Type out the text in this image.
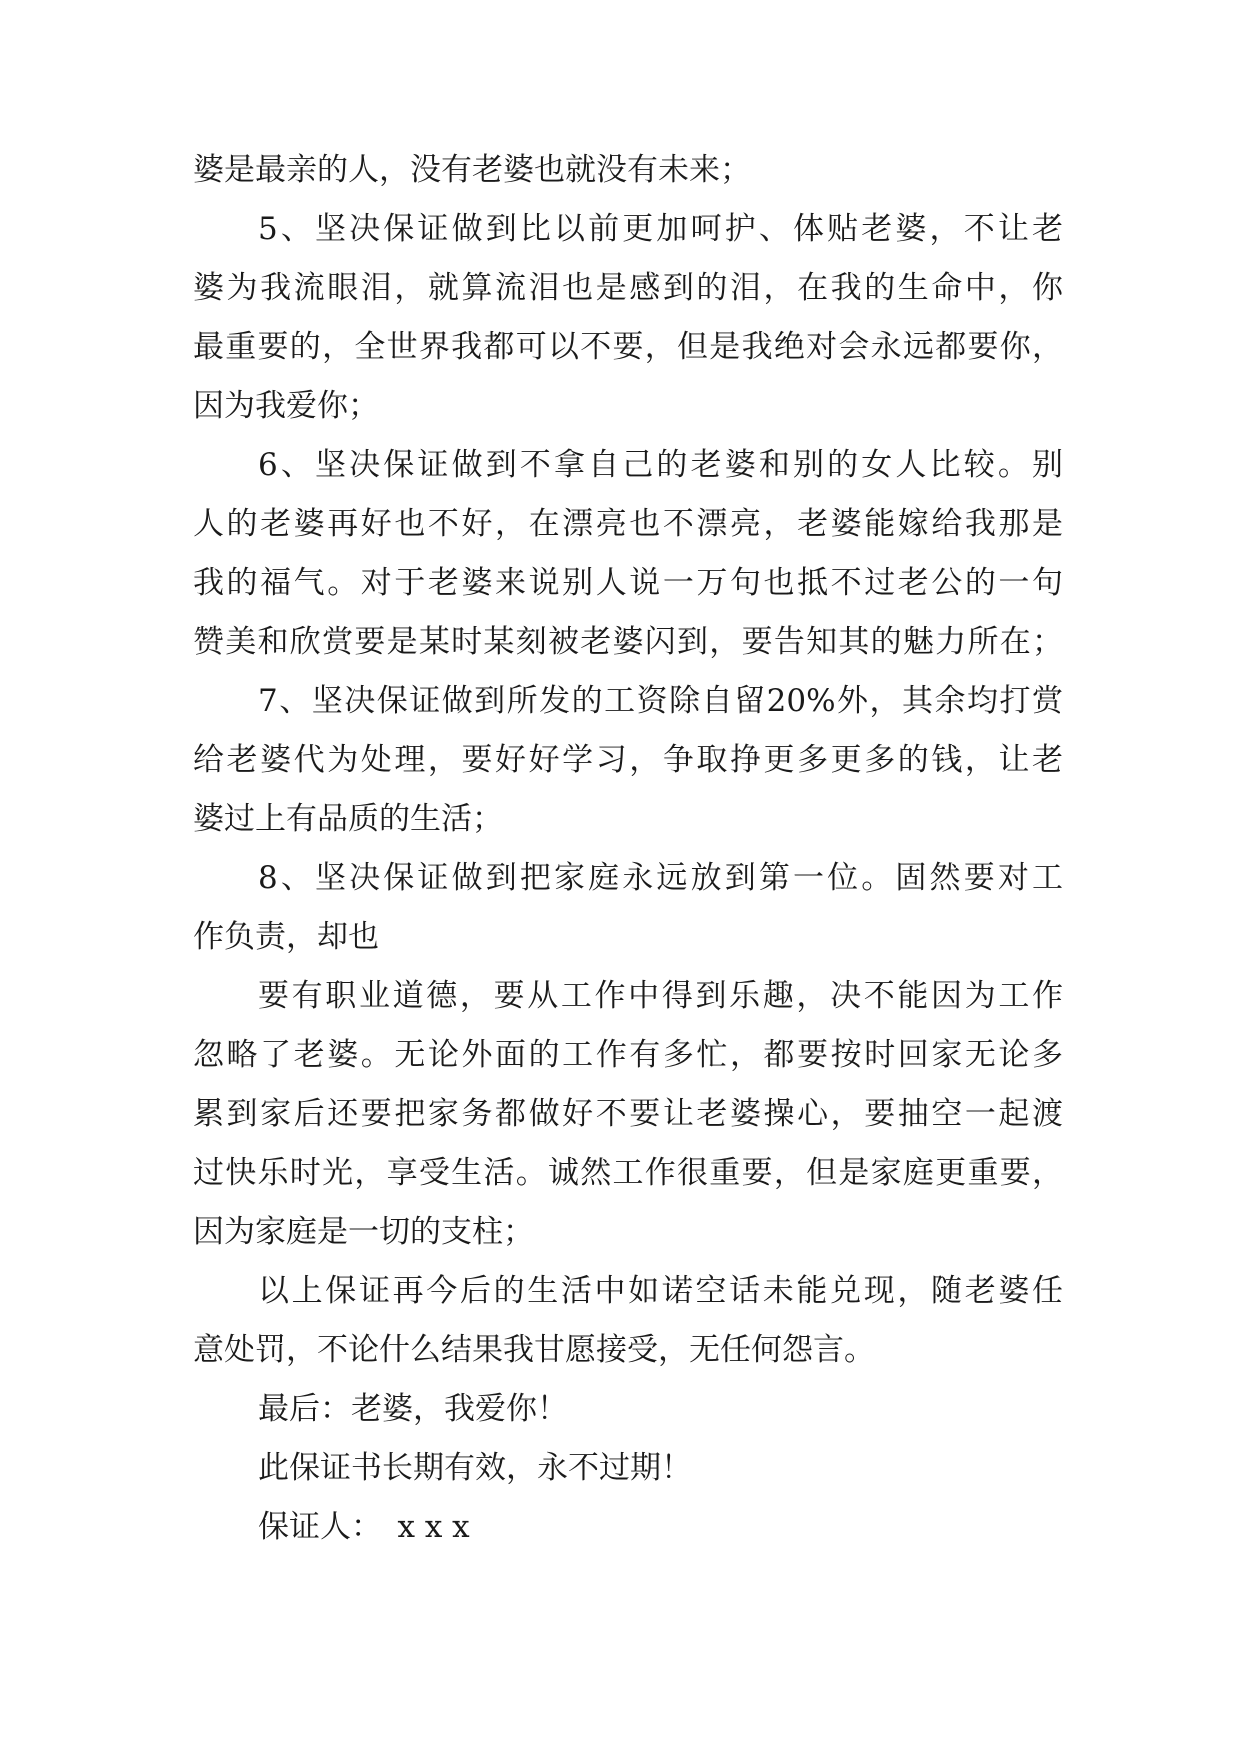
婆是最亲的人，没有老婆也就没有未来；
5、坚决保证做到比以前更加呵护、体贴老婆，不让老
婆为我流眼泪，就算流泪也是感到的泪，在我的生命中，你
最重要的，全世界我都可以不要，但是我绝对会永远都要你，
因为我爱你；
6、坚决保证做到不拿自己的老婆和别的女人比较。别
人的老婆再好也不好，在漂亮也不漂亮，老婆能嫁给我那是
我的福气。对于老婆来说别人说一万句也抵不过老公的一句
赞美和欣赏要是某时某刻被老婆闪到，要告知其的魅力所在；
7、坚决保证做到所发的工资除自留20%外，其余均打赏
给老婆代为处理，要好好学习，争取挣更多更多的钱，让老
婆过上有品质的生活；
8、坚决保证做到把家庭永远放到第一位。固然要对工
作负责，却也
要有职业道德，要从工作中得到乐趣，决不能因为工作
忽略了老婆。无论外面的工作有多忙，都要按时回家无论多
累到家后还要把家务都做好不要让老婆操心，要抽空一起渡
过快乐时光，享受生活。诚然工作很重要，但是家庭更重要，
因为家庭是一切的支柱；
以上保证再今后的生活中如诺空话未能兑现，随老婆任
意处罚，不论什么结果我甘愿接受，无任何怨言。
最后：老婆，我爱你！
此保证书长期有效，永不过期！
保证人：　x x x
